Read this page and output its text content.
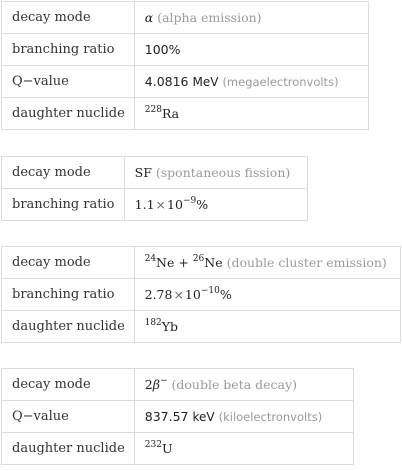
decay mode	α (alpha emission)
branching ratio	100%
Q−value	4.0816 MeV (megaelectronvolts)
daughter nuclide	$^{228}$Ra
decay mode	SF (spontaneous fission)
branching ratio	$1.1\times 10^{-9}\%$
decay mode	$^{24}$Ne + $^{26}$Ne (double cluster emission)
branching ratio	$2.78\times 10^{-10}\%$
daughter nuclide	$^{182}$Yb
decay mode	2β− (double beta decay)
Q−value	837.57 keV (kiloelectronvolts)
daughter nuclide	$^{232}$U
